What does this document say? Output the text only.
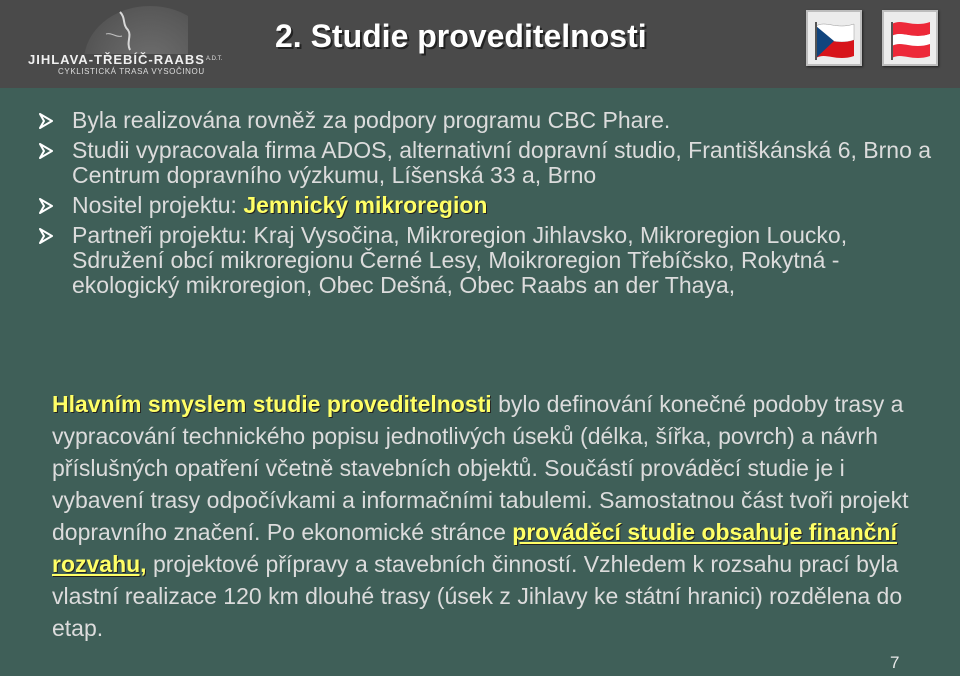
JIHLAVA-TŘEBÍČ-RAABS A.D.T.
CYKLISTICKÁ TRASA VYSOČINOU
2. Studie proveditelnosti
Byla realizována rovněž za podpory programu CBC Phare.
Studii vypracovala firma ADOS, alternativní dopravní studio, Františkánská 6, Brno a Centrum dopravního výzkumu, Líšenská 33 a, Brno
Nositel projektu: Jemnický mikroregion
Partneři projektu: Kraj Vysočina, Mikroregion Jihlavsko, Mikroregion Loucko, Sdružení obcí mikroregionu Černé Lesy, Moikroregion Třebíčsko, Rokytná - ekologický mikroregion, Obec Dešná, Obec Raabs an der Thaya,
Hlavním smyslem studie proveditelnosti bylo definování konečné podoby trasy a vypracování technického popisu jednotlivých úseků (délka, šířka, povrch) a návrh příslušných opatření včetně stavebních objektů. Součástí prováděcí studie je i vybavení trasy odpočívkami a informačními tabulemi. Samostatnou část tvoři projekt dopravního značení. Po ekonomické stránce prováděcí studie obsahuje finanční rozvahu, projektové přípravy a stavebních činností. Vzhledem k rozsahu prací byla vlastní realizace 120 km dlouhé trasy (úsek z Jihlavy ke státní hranici) rozdělena do etap.
7
